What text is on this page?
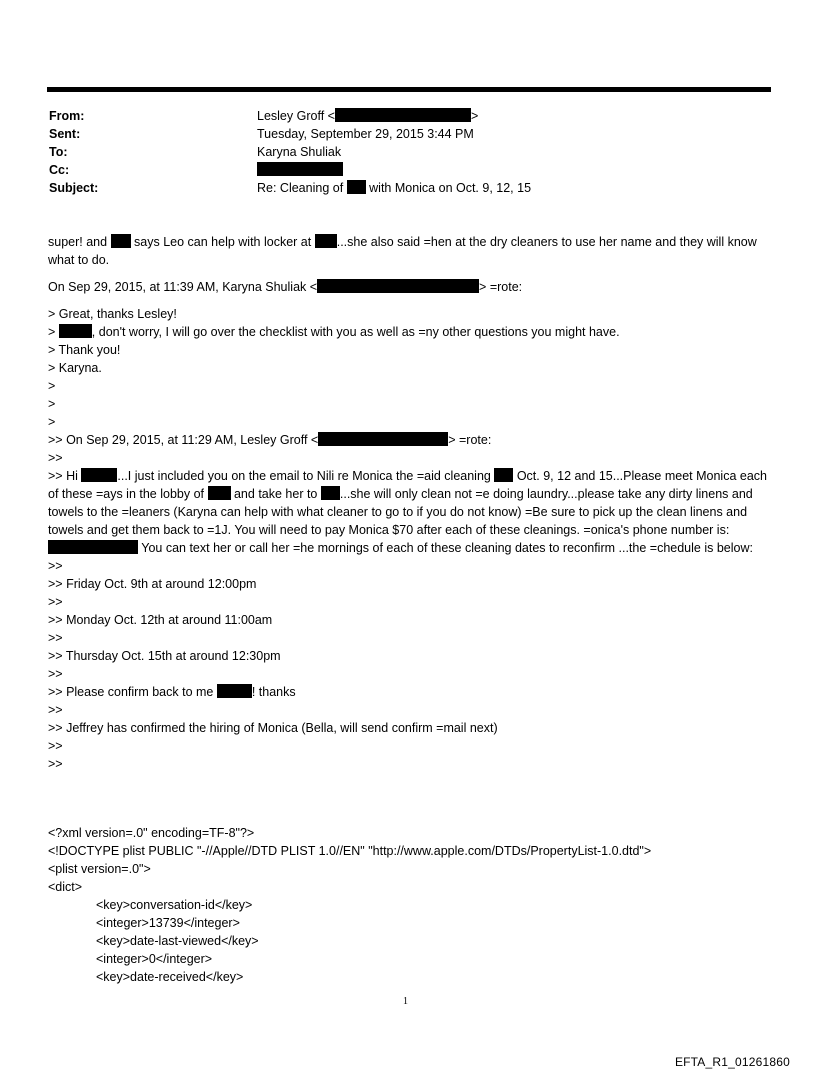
From:	Lesley Groff <	>
Sent:	Tuesday, September 29, 2015 3:44 PM
To:	Karyna Shuliak
Cc:
Subject:	Re: Cleaning of with Monica on Oct. 9, 12, 15
super! and says Leo can help with locker at ...she also said =hen at the dry cleaners to use her name and they will know what to do.
On Sep 29, 2015, at 11:39 AM, Karyna Shuliak <	> =rote:
> Great, thanks Lesley!
>	, don't worry, I will go over the checklist with you as well as =ny other questions you might have.
> Thank you!
> Karyna.
>
>
>
>> On Sep 29, 2015, at 11:29 AM, Lesley Groff <	> =rote:
>>
>> Hi	...I just included you on the email to Nili re Monica the =aid cleaning Oct. 9, 12 and 15...Please meet Monica each of these =ays in the lobby of and take her to ...she will only clean not =e doing laundry...please take any dirty linens and towels to the =leaners (Karyna can help with what cleaner to go to if you do not know) =Be sure to pick up the clean linens and towels and get them back to =1J. You will need to pay Monica $70 after each of these cleanings. =onica's phone number is:  You can text her or call her =he mornings of each of these cleaning dates to reconfirm ...the =chedule is below:
>>
>> Friday Oct. 9th at around 12:00pm
>>
>> Monday Oct. 12th at around 11:00am
>>
>> Thursday Oct. 15th at around 12:30pm
>>
>> Please confirm back to me	! thanks
>>
>> Jeffrey has confirmed the hiring of Monica (Bella, will send confirm =mail next)
>>
>>
<?xml version=.0" encoding=TF-8"?>
<!DOCTYPE plist PUBLIC "-//Apple//DTD PLIST 1.0//EN" "http://www.apple.com/DTDs/PropertyList-1.0.dtd">
<plist version=.0">
<dict>
<key>conversation-id</key>
<integer>13739</integer>
<key>date-last-viewed</key>
<integer>0</integer>
<key>date-received</key>
1
EFTA_R1_01261860
